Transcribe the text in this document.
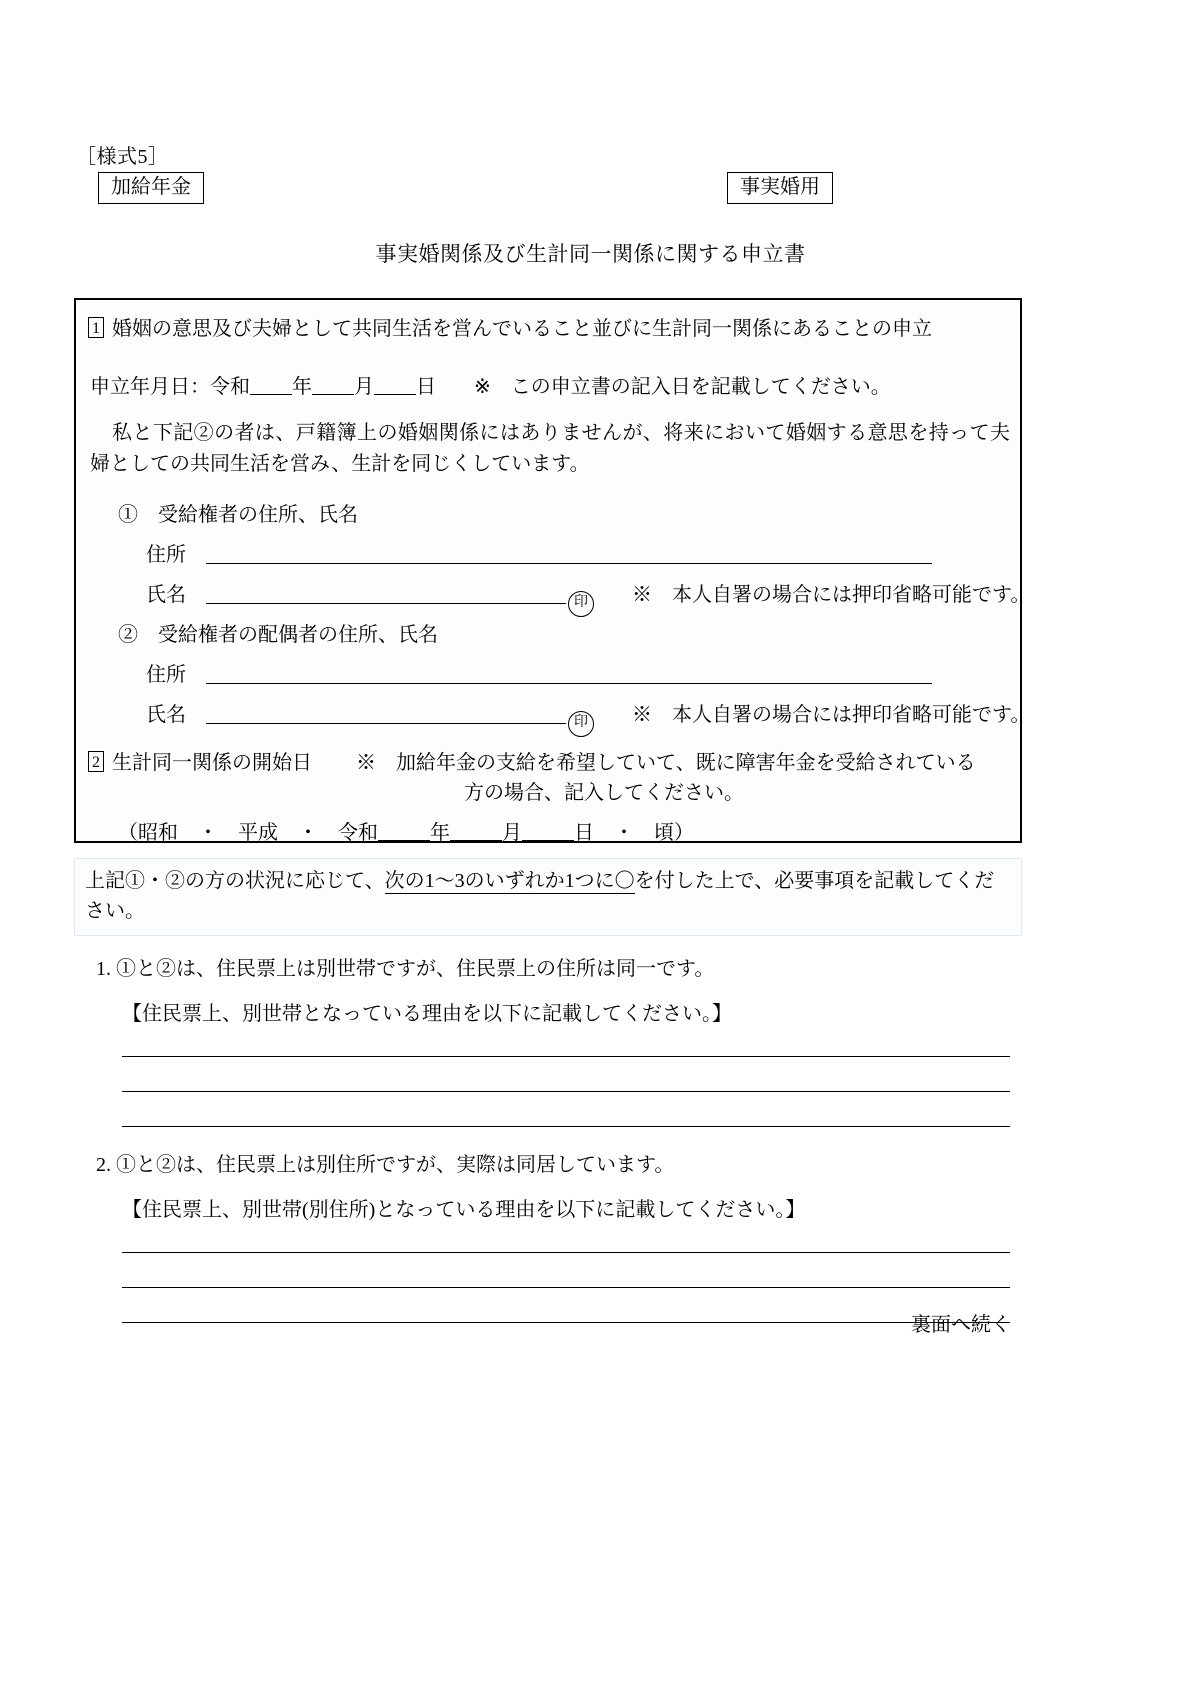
［様式5］
加給年金	事実婚用
事実婚関係及び生計同一関係に関する申立書
1 婚姻の意思及び夫婦として共同生活を営んでいること並びに生計同一関係にあることの申立
申立年月日：令和 年 月 日 ※　この申立書の記入日を記載してください。
私と下記②の者は、戸籍簿上の婚姻関係にはありませんが、将来において婚姻する意思を持って夫婦としての共同生活を営み、生計を同じくしています。
①　受給権者の住所、氏名
住所
氏名	印 ※　本人自署の場合には押印省略可能です。
②　受給権者の配偶者の住所、氏名
住所
氏名	印 ※　本人自署の場合には押印省略可能です。
2 生計同一関係の開始日 ※　加給年金の支給を希望していて、既に障害年金を受給されている
方の場合、記入してください。
（昭和　・　平成　・　令和	年	月	日　・　頃）
上記①・②の方の状況に応じて、次の1～3のいずれか1つに〇を付した上で、必要事項を記載してください。
1. ①と②は、住民票上は別世帯ですが、住民票上の住所は同一です。
【住民票上、別世帯となっている理由を以下に記載してください。】
2. ①と②は、住民票上は別住所ですが、実際は同居しています。
【住民票上、別世帯(別住所)となっている理由を以下に記載してください。】
裏面へ続く
